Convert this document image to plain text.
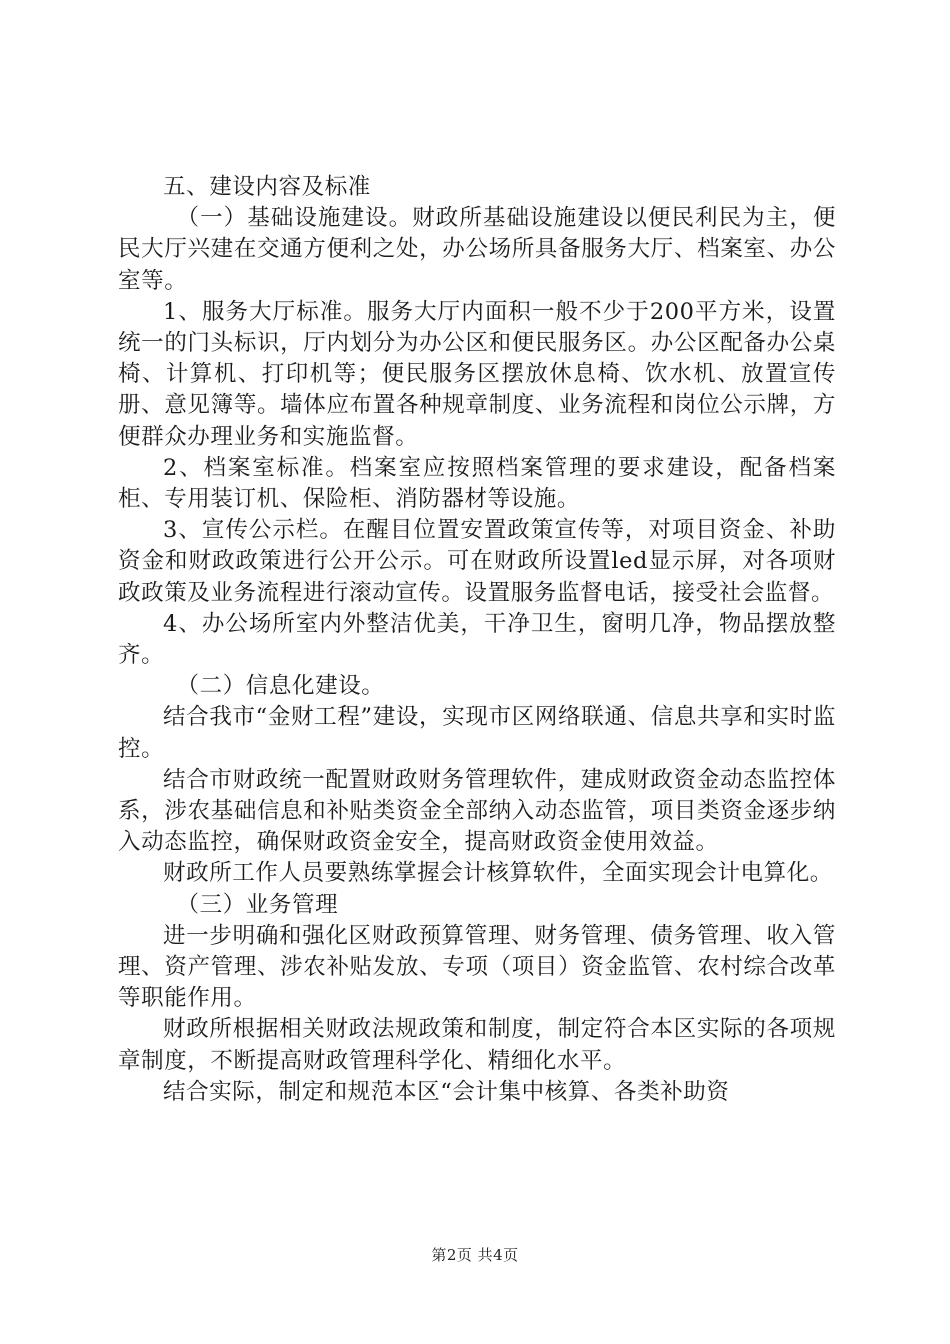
五、建设内容及标准

（一）基础设施建设。财政所基础设施建设以便民利民为主，便民大厅兴建在交通方便利之处，办公场所具备服务大厅、档案室、办公室等。

1、服务大厅标准。服务大厅内面积一般不少于200平方米，设置统一的门头标识，厅内划分为办公区和便民服务区。办公区配备办公桌椅、计算机、打印机等；便民服务区摆放休息椅、饮水机、放置宣传册、意见簿等。墙体应布置各种规章制度、业务流程和岗位公示牌，方便群众办理业务和实施监督。

2、档案室标准。档案室应按照档案管理的要求建设，配备档案柜、专用装订机、保险柜、消防器材等设施。

3、宣传公示栏。在醒目位置安置政策宣传等，对项目资金、补助资金和财政政策进行公开公示。可在财政所设置led显示屏，对各项财政政策及业务流程进行滚动宣传。设置服务监督电话，接受社会监督。

4、办公场所室内外整洁优美，干净卫生，窗明几净，物品摆放整齐。

（二）信息化建设。

结合我市“金财工程”建设，实现市区网络联通、信息共享和实时监控。

结合市财政统一配置财政财务管理软件，建成财政资金动态监控体系，涉农基础信息和补贴类资金全部纳入动态监管，项目类资金逐步纳入动态监控，确保财政资金安全，提高财政资金使用效益。

财政所工作人员要熟练掌握会计核算软件，全面实现会计电算化。

（三）业务管理

进一步明确和强化区财政预算管理、财务管理、债务管理、收入管理、资产管理、涉农补贴发放、专项（项目）资金监管、农村综合改革等职能作用。

财政所根据相关财政法规政策和制度，制定符合本区实际的各项规章制度，不断提高财政管理科学化、精细化水平。

结合实际，制定和规范本区“会计集中核算、各类补助资

第2页 共4页
